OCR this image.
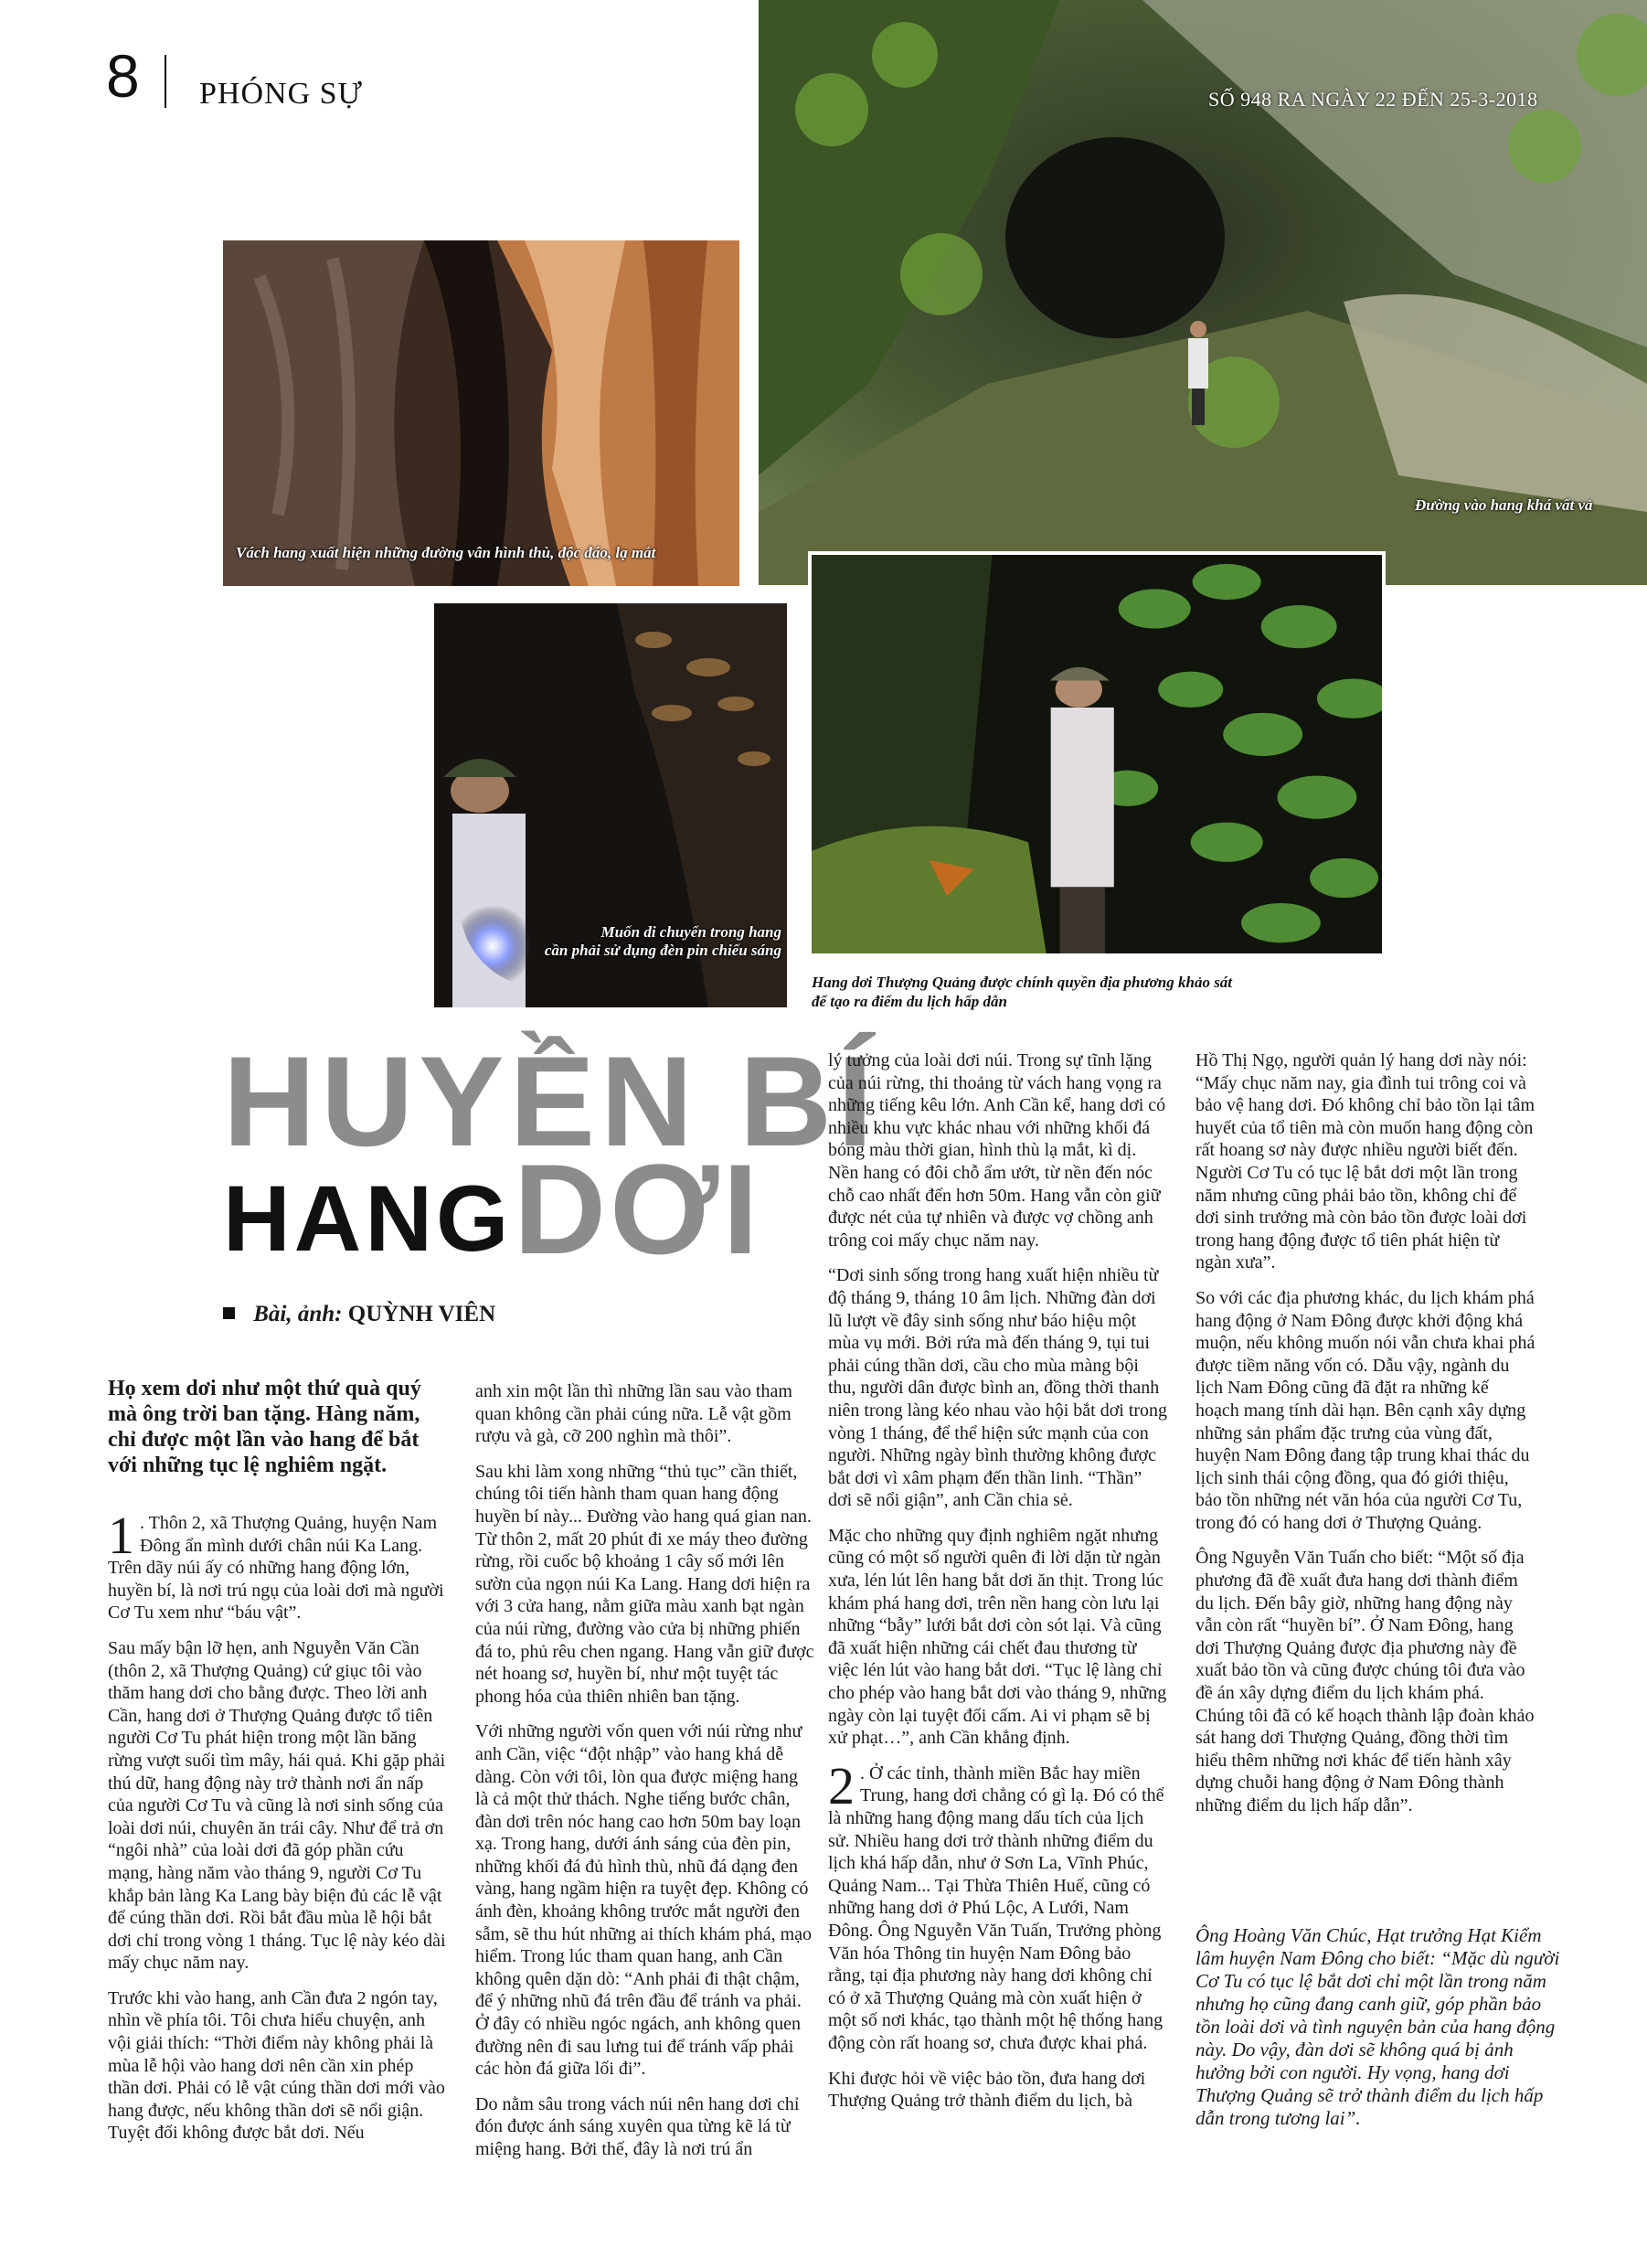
8 PHÓNG SỰ	SỐ 948 RA NGÀY 22 ĐẾN 25-3-2018
Đường vào hang khá vất vả
Vách hang xuất hiện những đường vân hình thù, độc đáo, lạ mắt
Muốn di chuyển trong hang
cần phải sử dụng đèn pin chiếu sáng
Hang dơi Thượng Quảng được chính quyền địa phương khảo sát
để tạo ra điểm du lịch hấp dẫn
HUYỀN BÍ
HANG DƠI
Bài, ảnh: QUỲNH VIÊN
Họ xem dơi như một thứ quà quý mà ông trời ban tặng. Hàng năm, chỉ được một lần vào hang để bắt với những tục lệ nghiêm ngặt.

1 . Thôn 2, xã Thượng Quảng, huyện Nam Đông ẩn mình dưới chân núi Ka Lang. Trên dãy núi ấy có những hang động lớn, huyền bí, là nơi trú ngụ của loài dơi mà người Cơ Tu xem như “báu vật”.

Sau mấy bận lỡ hẹn, anh Nguyễn Văn Cần (thôn 2, xã Thượng Quảng) cứ giục tôi vào thăm hang dơi cho bằng được. Theo lời anh Cần, hang dơi ở Thượng Quảng được tổ tiên người Cơ Tu phát hiện trong một lần băng rừng vượt suối tìm mây, hái quả. Khi gặp phải thú dữ, hang động này trở thành nơi ẩn nấp của người Cơ Tu và cũng là nơi sinh sống của loài dơi núi, chuyên ăn trái cây. Như để trả ơn “ngôi nhà” của loài dơi đã góp phần cứu mạng, hàng năm vào tháng 9, người Cơ Tu khắp bản làng Ka Lang bày biện đủ các lễ vật để cúng thần dơi. Rồi bắt đầu mùa lễ hội bắt dơi chỉ trong vòng 1 tháng. Tục lệ này kéo dài mấy chục năm nay.

Trước khi vào hang, anh Cần đưa 2 ngón tay, nhìn về phía tôi. Tôi chưa hiểu chuyện, anh vội giải thích: “Thời điểm này không phải là mùa lễ hội vào hang dơi nên cần xin phép thần dơi. Phải có lễ vật cúng thần dơi mới vào hang được, nếu không thần dơi sẽ nổi giận. Tuyệt đối không được bắt dơi. Nếu

anh xin một lần thì những lần sau vào tham quan không cần phải cúng nữa. Lễ vật gồm rượu và gà, cỡ 200 nghìn mà thôi”.

Sau khi làm xong những “thủ tục” cần thiết, chúng tôi tiến hành tham quan hang động huyền bí này... Đường vào hang quá gian nan. Từ thôn 2, mất 20 phút đi xe máy theo đường rừng, rồi cuốc bộ khoảng 1 cây số mới lên sườn của ngọn núi Ka Lang. Hang dơi hiện ra với 3 cửa hang, nằm giữa màu xanh bạt ngàn của núi rừng, đường vào cửa bị những phiến đá to, phủ rêu chen ngang. Hang vẫn giữ được nét hoang sơ, huyền bí, như một tuyệt tác phong hóa của thiên nhiên ban tặng.

Với những người vốn quen với núi rừng như anh Cần, việc “đột nhập” vào hang khá dễ dàng. Còn với tôi, lòn qua được miệng hang là cả một thử thách. Nghe tiếng bước chân, đàn dơi trên nóc hang cao hơn 50m bay loạn xạ. Trong hang, dưới ánh sáng của đèn pin, những khối đá đủ hình thù, nhũ đá dạng đen vàng, hang ngầm hiện ra tuyệt đẹp. Không có ánh đèn, khoảng không trước mắt người đen sẫm, sẽ thu hút những ai thích khám phá, mạo hiểm. Trong lúc tham quan hang, anh Cần không quên dặn dò: “Anh phải đi thật chậm, để ý những nhũ đá trên đầu để tránh va phải. Ở đây có nhiều ngóc ngách, anh không quen đường nên đi sau lưng tui để tránh vấp phải các hòn đá giữa lối đi”.

Do nằm sâu trong vách núi nên hang dơi chỉ đón được ánh sáng xuyên qua từng kẽ lá từ miệng hang. Bởi thế, đây là nơi trú ẩn

lý tưởng của loài dơi núi. Trong sự tĩnh lặng của núi rừng, thi thoảng từ vách hang vọng ra những tiếng kêu lớn. Anh Cần kể, hang dơi có nhiều khu vực khác nhau với những khối đá bóng màu thời gian, hình thù lạ mắt, kì dị. Nền hang có đôi chỗ ẩm ướt, từ nền đến nóc chỗ cao nhất đến hơn 50m. Hang vẫn còn giữ được nét của tự nhiên và được vợ chồng anh trông coi mấy chục năm nay.

“Dơi sinh sống trong hang xuất hiện nhiều từ độ tháng 9, tháng 10 âm lịch. Những đàn dơi lũ lượt về đây sinh sống như báo hiệu một mùa vụ mới. Bởi rứa mà đến tháng 9, tụi tui phải cúng thần dơi, cầu cho mùa màng bội thu, người dân được bình an, đồng thời thanh niên trong làng kéo nhau vào hội bắt dơi trong vòng 1 tháng, để thể hiện sức mạnh của con người. Những ngày bình thường không được bắt dơi vì xâm phạm đến thần linh. “Thần” dơi sẽ nổi giận”, anh Cần chia sẻ.

Mặc cho những quy định nghiêm ngặt nhưng cũng có một số người quên đi lời dặn từ ngàn xưa, lén lút lên hang bắt dơi ăn thịt. Trong lúc khám phá hang dơi, trên nền hang còn lưu lại những “bẫy” lưới bắt dơi còn sót lại. Và cũng đã xuất hiện những cái chết đau thương từ việc lén lút vào hang bắt dơi. “Tục lệ làng chỉ cho phép vào hang bắt dơi vào tháng 9, những ngày còn lại tuyệt đối cấm. Ai vi phạm sẽ bị xử phạt…”, anh Cần khẳng định.

2 . Ở các tỉnh, thành miền Bắc hay miền Trung, hang dơi chẳng có gì lạ. Đó có thể là những hang động mang dấu tích của lịch sử. Nhiều hang dơi trở thành những điểm du lịch khá hấp dẫn, như ở Sơn La, Vĩnh Phúc, Quảng Nam... Tại Thừa Thiên Huế, cũng có những hang dơi ở Phú Lộc, A Lưới, Nam Đông. Ông Nguyễn Văn Tuấn, Trưởng phòng Văn hóa Thông tin huyện Nam Đông bảo rằng, tại địa phương này hang dơi không chỉ có ở xã Thượng Quảng mà còn xuất hiện ở một số nơi khác, tạo thành một hệ thống hang động còn rất hoang sơ, chưa được khai phá.

Khi được hỏi về việc bảo tồn, đưa hang dơi Thượng Quảng trở thành điểm du lịch, bà

Hồ Thị Ngọ, người quản lý hang dơi này nói: “Mấy chục năm nay, gia đình tui trông coi và bảo vệ hang dơi. Đó không chỉ bảo tồn lại tâm huyết của tổ tiên mà còn muốn hang động còn rất hoang sơ này được nhiều người biết đến. Người Cơ Tu có tục lệ bắt dơi một lần trong năm nhưng cũng phải bảo tồn, không chỉ để dơi sinh trưởng mà còn bảo tồn được loài dơi trong hang động được tổ tiên phát hiện từ ngàn xưa”.

So với các địa phương khác, du lịch khám phá hang động ở Nam Đông được khởi động khá muộn, nếu không muốn nói vẫn chưa khai phá được tiềm năng vốn có. Dẫu vậy, ngành du lịch Nam Đông cũng đã đặt ra những kế hoạch mang tính dài hạn. Bên cạnh xây dựng những sản phẩm đặc trưng của vùng đất, huyện Nam Đông đang tập trung khai thác du lịch sinh thái cộng đồng, qua đó giới thiệu, bảo tồn những nét văn hóa của người Cơ Tu, trong đó có hang dơi ở Thượng Quảng.

Ông Nguyễn Văn Tuấn cho biết: “Một số địa phương đã đề xuất đưa hang dơi thành điểm du lịch. Đến bây giờ, những hang động này vẫn còn rất “huyền bí”. Ở Nam Đông, hang dơi Thượng Quảng được địa phương này đề xuất bảo tồn và cũng được chúng tôi đưa vào đề án xây dựng điểm du lịch khám phá. Chúng tôi đã có kế hoạch thành lập đoàn khảo sát hang dơi Thượng Quảng, đồng thời tìm hiểu thêm những nơi khác để tiến hành xây dựng chuỗi hang động ở Nam Đông thành những điểm du lịch hấp dẫn”.

Ông Hoàng Văn Chúc, Hạt trưởng Hạt Kiểm lâm huyện Nam Đông cho biết: “Mặc dù người Cơ Tu có tục lệ bắt dơi chỉ một lần trong năm nhưng họ cũng đang canh giữ, góp phần bảo tồn loài dơi và tình nguyện bản của hang động này. Do vậy, đàn dơi sẽ không quá bị ảnh hưởng bởi con người. Hy vọng, hang dơi Thượng Quảng sẽ trở thành điểm du lịch hấp dẫn trong tương lai”.
